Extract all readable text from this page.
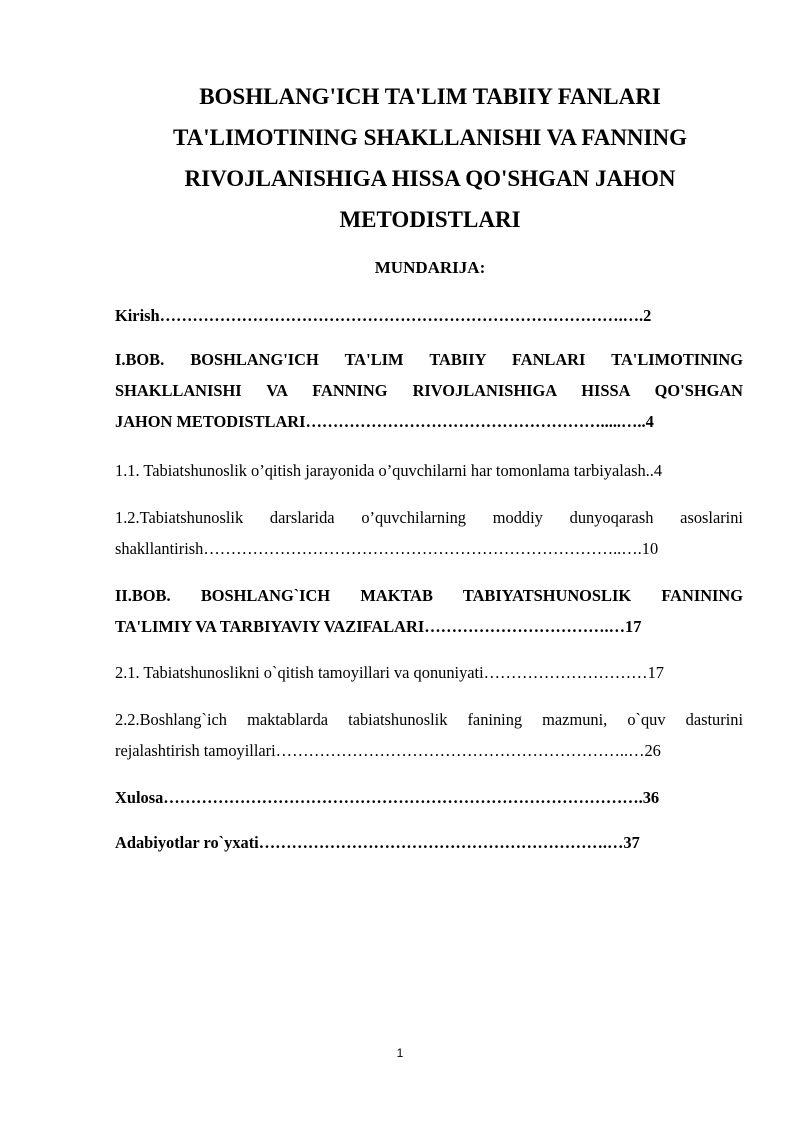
BOSHLANG'ICH TA'LIM TABIIY FANLARI
TA'LIMOTINING SHAKLLANISHI VA FANNING
RIVOJLANISHIGA HISSA QO'SHGAN JAHON
METODISTLARI
MUNDARIJA:
Kirish………………………………………………………………………….….2
I.BOB. BOSHLANG'ICH TA'LIM TABIIY FANLARI TA'LIMOTINING
SHAKLLANISHI VA FANNING RIVOJLANISHIGA HISSA QO'SHGAN
JAHON METODISTLARI……………………………………………….....…..4
1.1. Tabiatshunoslik o’qitish jarayonida o’quvchilarni har tomonlama tarbiyalash..4
1.2.Tabiatshunoslik darslarida o’quvchilarning moddiy dunyoqarash asoslarini
shakllantirish…………………………………………………………………..….10
II.BOB. BOSHLANG`ICH MAKTAB TABIYATSHUNOSLIK FANINING
TA'LIMIY VA TARBIYAVIY VAZIFALARI…………………………….…17
2.1. Tabiatshunoslikni o`qitish tamoyillari va qonuniyati…………………………17
2.2.Boshlang`ich maktablarda tabiatshunoslik fanining mazmuni, o`quv dasturini
rejalashtirish tamoyillari………………………………………………………..…26
Xulosa…………………………………………………………………………….36
Adabiyotlar ro`yxati……………………………………………………….…37
1
